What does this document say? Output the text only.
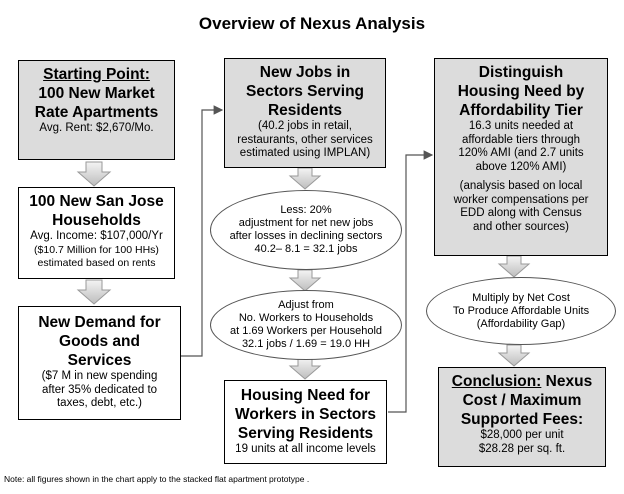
Overview of Nexus Analysis
Starting Point:
100 New Market
Rate Apartments
Avg. Rent: $2,670/Mo.
100 New San Jose
Households
Avg. Income: $107,000/Yr
($10.7 Million for 100 HHs)
estimated based on rents
New Demand for
Goods and
Services
($7 M in new spending
after 35% dedicated to
taxes, debt, etc.)
New Jobs in
Sectors Serving
Residents
(40.2 jobs in retail,
restaurants, other services
estimated using IMPLAN)
Less: 20%
adjustment for net new jobs
after losses in declining sectors
40.2– 8.1 = 32.1 jobs
Adjust from
No. Workers to Households
at 1.69 Workers per Household
32.1 jobs / 1.69 = 19.0 HH
Housing Need for
Workers in Sectors
Serving Residents
19 units at all income levels
Distinguish
Housing Need by
Affordability Tier
16.3 units needed at
affordable tiers through
120% AMI (and 2.7 units
above 120% AMI)
(analysis based on local
worker compensations per
EDD along with Census
and other sources)
Multiply by Net Cost
To Produce Affordable Units
(Affordability Gap)
Conclusion: Nexus
Cost / Maximum
Supported Fees:
$28,000 per unit
$28.28 per sq. ft.
Note: all figures shown in the chart apply to the stacked flat apartment prototype .
